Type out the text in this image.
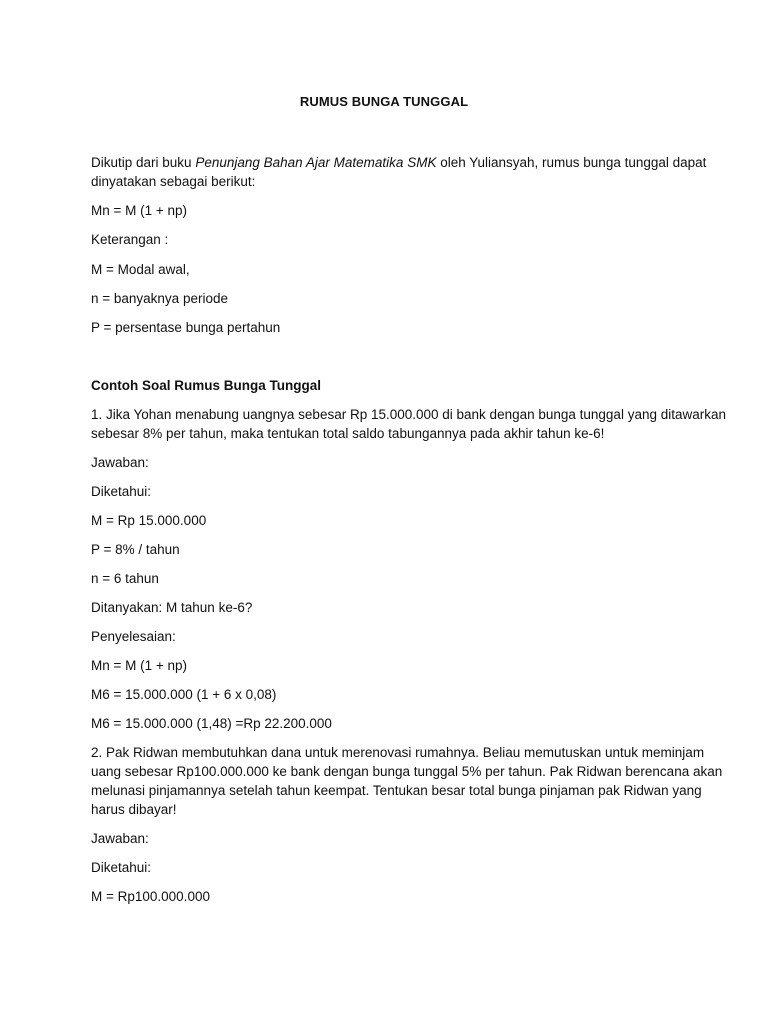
RUMUS BUNGA TUNGGAL
Dikutip dari buku Penunjang Bahan Ajar Matematika SMK oleh Yuliansyah, rumus bunga tunggal dapat
dinyatakan sebagai berikut:
Mn = M (1 + np)
Keterangan :
M = Modal awal,
n = banyaknya periode
P = persentase bunga pertahun
Contoh Soal Rumus Bunga Tunggal
1. Jika Yohan menabung uangnya sebesar Rp 15.000.000 di bank dengan bunga tunggal yang ditawarkan
sebesar 8% per tahun, maka tentukan total saldo tabungannya pada akhir tahun ke-6!
Jawaban:
Diketahui:
M = Rp 15.000.000
P = 8% / tahun
n = 6 tahun
Ditanyakan: M tahun ke-6?
Penyelesaian:
Mn = M (1 + np)
M6 = 15.000.000 (1 + 6 x 0,08)
M6 = 15.000.000 (1,48) =Rp 22.200.000
2. Pak Ridwan membutuhkan dana untuk merenovasi rumahnya. Beliau memutuskan untuk meminjam
uang sebesar Rp100.000.000 ke bank dengan bunga tunggal 5% per tahun. Pak Ridwan berencana akan
melunasi pinjamannya setelah tahun keempat. Tentukan besar total bunga pinjaman pak Ridwan yang
harus dibayar!
Jawaban:
Diketahui:
M = Rp100.000.000
